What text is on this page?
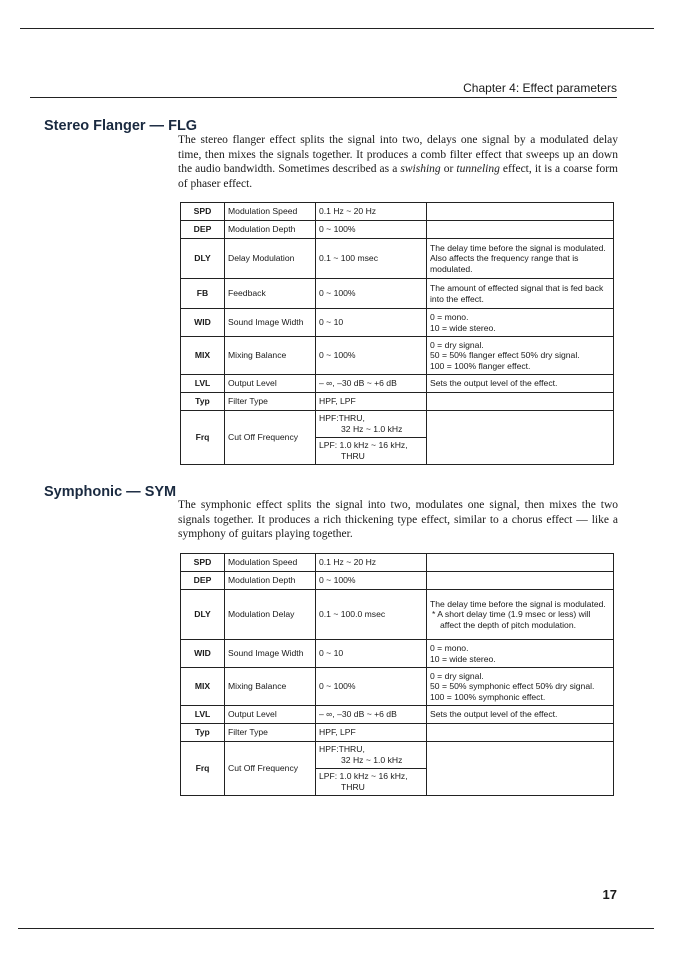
Chapter 4: Effect parameters
Stereo Flanger — FLG
The stereo flanger effect splits the signal into two, delays one signal by a modulated delay time, then mixes the signals together. It produces a comb filter effect that sweeps up an down the audio bandwidth. Sometimes described as a swishing or tunneling effect, it is a coarse form of phaser effect.
SPD	Modulation Speed	0.1 Hz ~ 20 Hz	
DEP	Modulation Depth	0 ~ 100%	
DLY	Delay Modulation	0.1 ~ 100 msec	The delay time before the signal is modulated. Also affects the frequency range that is modulated.
FB	Feedback	0 ~ 100%	The amount of effected signal that is fed back into the effect.
WID	Sound Image Width	0 ~ 10	0 = mono.
10 = wide stereo.

MIX	Mixing Balance	0 ~ 100%	0 = dry signal.
50 = 50% flanger effect 50% dry signal.
100 = 100% flanger effect.

LVL	Output Level	– ∞, –30 dB ~ +6 dB	Sets the output level of the effect.
Typ	Filter Type	HPF, LPF	
Frq	Cut Off Frequency	HPF:THRU,
32 Hz ~ 1.0 kHz	

		LPF: 1.0 kHz ~ 16 kHz,
THRU	
Symphonic — SYM
The symphonic effect splits the signal into two, modulates one signal, then mixes the two signals together. It produces a rich thickening type effect, similar to a chorus effect — like a symphony of guitars playing together.
SPD	Modulation Speed	0.1 Hz ~ 20 Hz	
DEP	Modulation Depth	0 ~ 100%	
DLY	Modulation Delay	0.1 ~ 100.0 msec	The delay time before the signal is modulated.
* A short delay time (1.9 msec or less) will affect the depth of pitch modulation.

WID	Sound Image Width	0 ~ 10	0 = mono.
10 = wide stereo.

MIX	Mixing Balance	0 ~ 100%	0 = dry signal.
50 = 50% symphonic effect 50% dry signal.
100 = 100% symphonic effect.

LVL	Output Level	– ∞, –30 dB ~ +6 dB	Sets the output level of the effect.
Typ	Filter Type	HPF, LPF	
Frq	Cut Off Frequency	HPF:THRU,
32 Hz ~ 1.0 kHz	

		LPF: 1.0 kHz ~ 16 kHz,
THRU	
17
